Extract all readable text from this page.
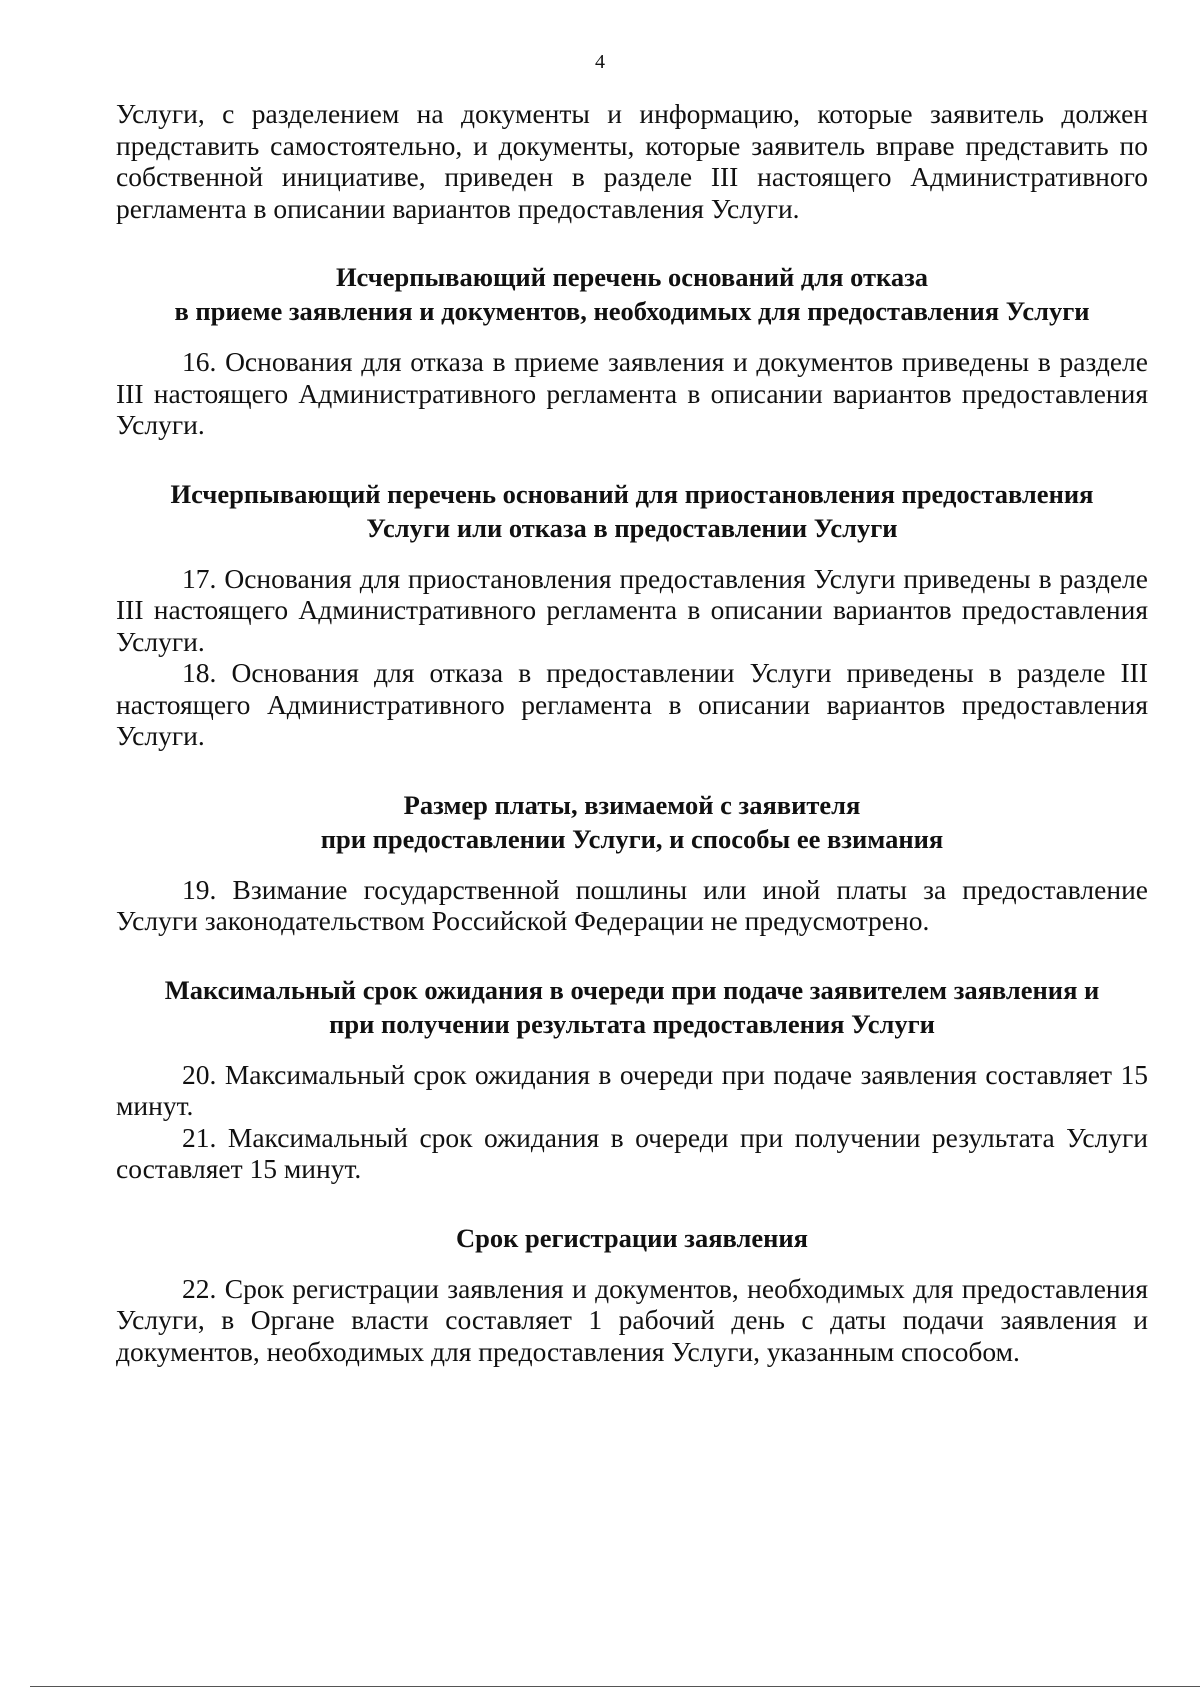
4

Услуги, с разделением на документы и информацию, которые заявитель должен представить самостоятельно, и документы, которые заявитель вправе представить по собственной инициативе, приведен в разделе III настоящего Административного регламента в описании вариантов предоставления Услуги.

Исчерпывающий перечень оснований для отказа
в приеме заявления и документов, необходимых для предоставления Услуги

16. Основания для отказа в приеме заявления и документов приведены в разделе III настоящего Административного регламента в описании вариантов предоставления Услуги.

Исчерпывающий перечень оснований для приостановления предоставления
Услуги или отказа в предоставлении Услуги

17. Основания для приостановления предоставления Услуги приведены в разделе III настоящего Административного регламента в описании вариантов предоставления Услуги.

18. Основания для отказа в предоставлении Услуги приведены в разделе III настоящего Административного регламента в описании вариантов предоставления Услуги.

Размер платы, взимаемой с заявителя
при предоставлении Услуги, и способы ее взимания

19. Взимание государственной пошлины или иной платы за предоставление Услуги законодательством Российской Федерации не предусмотрено.

Максимальный срок ожидания в очереди при подаче заявителем заявления и
при получении результата предоставления Услуги

20. Максимальный срок ожидания в очереди при подаче заявления составляет 15 минут.

21. Максимальный срок ожидания в очереди при получении результата Услуги составляет 15 минут.

Срок регистрации заявления

22. Срок регистрации заявления и документов, необходимых для предоставления Услуги, в Органе власти составляет 1 рабочий день с даты подачи заявления и документов, необходимых для предоставления Услуги, указанным способом.
